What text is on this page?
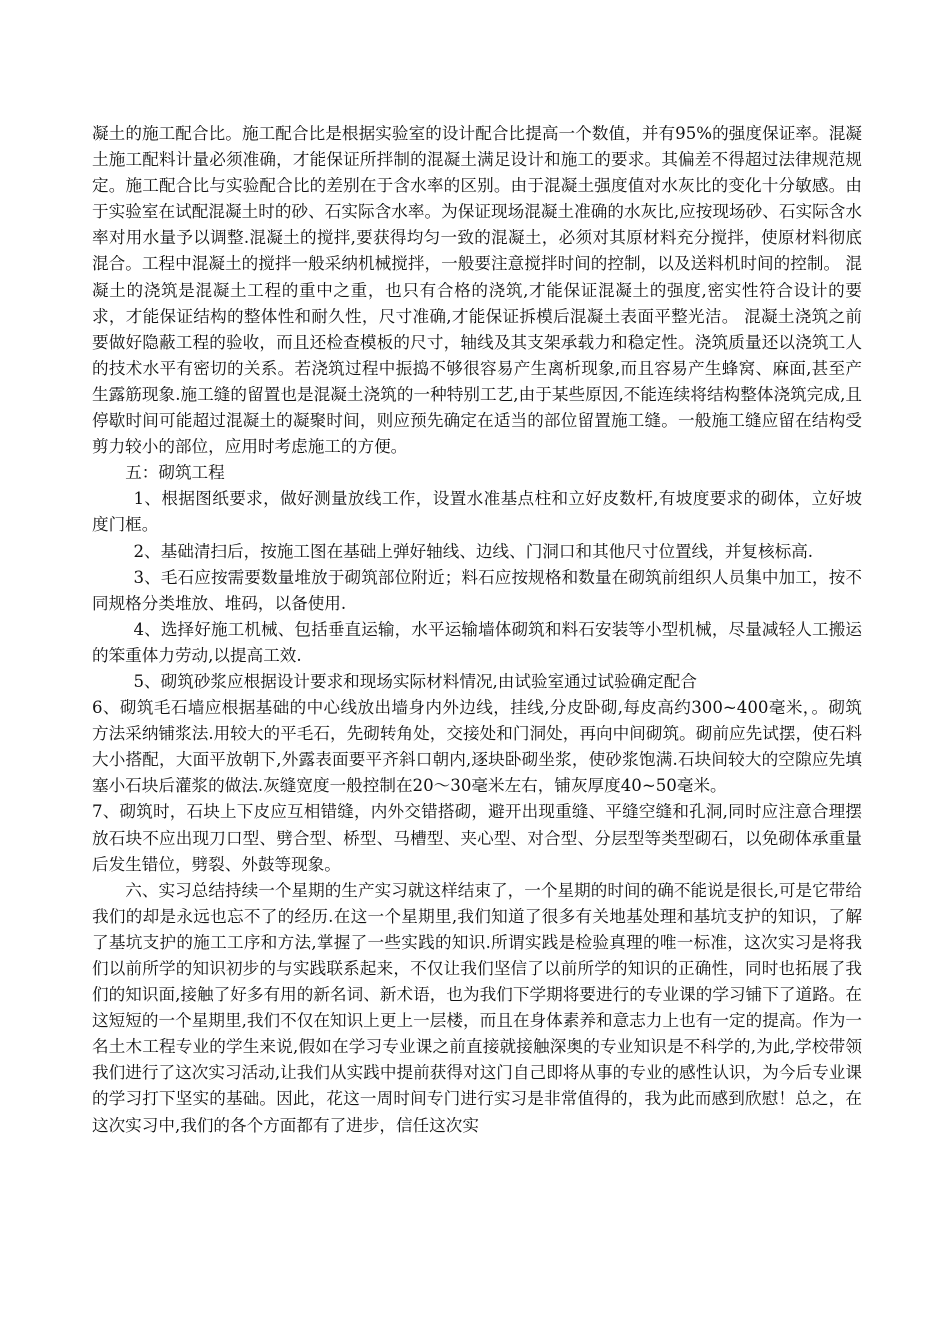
凝土的施工配合比。施工配合比是根据实验室的设计配合比提高一个数值，并有95%的强度保证率。混凝土施工配料计量必须准确，才能保证所拌制的混凝土满足设计和施工的要求。其偏差不得超过法律规范规定。施工配合比与实验配合比的差别在于含水率的区别。由于混凝土强度值对水灰比的变化十分敏感。由于实验室在试配混凝土时的砂、石实际含水率。为保证现场混凝土准确的水灰比,应按现场砂、石实际含水率对用水量予以调整.混凝土的搅拌,要获得均匀一致的混凝土，必须对其原材料充分搅拌，使原材料彻底混合。工程中混凝土的搅拌一般采纳机械搅拌，一般要注意搅拌时间的控制，以及送料机时间的控制。 混凝土的浇筑是混凝土工程的重中之重，也只有合格的浇筑,才能保证混凝土的强度,密实性符合设计的要求，才能保证结构的整体性和耐久性，尺寸准确,才能保证拆模后混凝土表面平整光洁。 混凝土浇筑之前要做好隐蔽工程的验收，而且还检查模板的尺寸，轴线及其支架承载力和稳定性。浇筑质量还以浇筑工人的技术水平有密切的关系。若浇筑过程中振捣不够很容易产生离析现象,而且容易产生蜂窝、麻面,甚至产生露筋现象.施工缝的留置也是混凝土浇筑的一种特别工艺,由于某些原因,不能连续将结构整体浇筑完成,且停歇时间可能超过混凝土的凝聚时间，则应预先确定在适当的部位留置施工缝。一般施工缝应留在结构受剪力较小的部位，应用时考虑施工的方便。

五：砌筑工程

1、根据图纸要求，做好测量放线工作，设置水准基点柱和立好皮数杆,有坡度要求的砌体，立好坡度门框。

2、基础清扫后，按施工图在基础上弹好轴线、边线、门洞口和其他尺寸位置线，并复核标高.

3、毛石应按需要数量堆放于砌筑部位附近；料石应按规格和数量在砌筑前组织人员集中加工，按不同规格分类堆放、堆码，以备使用.

4、选择好施工机械、包括垂直运输，水平运输墙体砌筑和料石安装等小型机械，尽量减轻人工搬运的笨重体力劳动,以提高工效.

5、砌筑砂浆应根据设计要求和现场实际材料情况,由试验室通过试验确定配合

6、砌筑毛石墙应根据基础的中心线放出墙身内外边线，挂线,分皮卧砌,每皮高约300~400毫米，。砌筑方法采纳铺浆法.用较大的平毛石，先砌转角处，交接处和门洞处，再向中间砌筑。砌前应先试摆，使石料大小搭配，大面平放朝下,外露表面要平齐斜口朝内,逐块卧砌坐浆，使砂浆饱满.石块间较大的空隙应先填塞小石块后灌浆的做法.灰缝宽度一般控制在20～30毫米左右，铺灰厚度40~50毫米。

7、砌筑时，石块上下皮应互相错缝，内外交错搭砌，避开出现重缝、平缝空缝和孔洞,同时应注意合理摆放石块不应出现刀口型、劈合型、桥型、马槽型、夹心型、对合型、分层型等类型砌石，以免砌体承重量后发生错位，劈裂、外鼓等现象。

六、实习总结持续一个星期的生产实习就这样结束了，一个星期的时间的确不能说是很长,可是它带给我们的却是永远也忘不了的经历.在这一个星期里,我们知道了很多有关地基处理和基坑支护的知识，了解了基坑支护的施工工序和方法,掌握了一些实践的知识.所谓实践是检验真理的唯一标准，这次实习是将我们以前所学的知识初步的与实践联系起来，不仅让我们坚信了以前所学的知识的正确性，同时也拓展了我们的知识面,接触了好多有用的新名词、新术语，也为我们下学期将要进行的专业课的学习铺下了道路。在这短短的一个星期里,我们不仅在知识上更上一层楼，而且在身体素养和意志力上也有一定的提高。作为一名土木工程专业的学生来说,假如在学习专业课之前直接就接触深奥的专业知识是不科学的,为此,学校带领我们进行了这次实习活动,让我们从实践中提前获得对这门自己即将从事的专业的感性认识，为今后专业课的学习打下坚实的基础。因此，花这一周时间专门进行实习是非常值得的，我为此而感到欣慰！总之，在这次实习中,我们的各个方面都有了进步，信任这次实
